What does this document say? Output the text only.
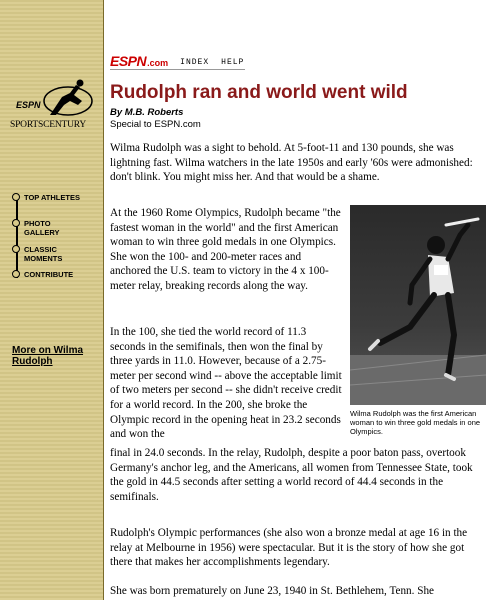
ESPN
SPORTSCENTURY
TOP ATHLETES
PHOTO
GALLERY
CLASSIC
MOMENTS
CONTRIBUTE
More on Wilma Rudolph
ESPN .com INDEX HELP
Rudolph ran and world went wild
By M.B. Roberts
Special to ESPN.com
Wilma Rudolph was a sight to behold. At 5-foot-11 and 130 pounds, she was lightning fast. Wilma watchers in the late 1950s and early '60s were admonished: don't blink. You might miss her. And that would be a shame.
At the 1960 Rome Olympics, Rudolph became "the fastest woman in the world" and the first American woman to win three gold medals in one Olympics. She won the 100- and 200-meter races and anchored the U.S. team to victory in the 4 x 100-meter relay, breaking records along the way.
In the 100, she tied the world record of 11.3 seconds in the semifinals, then won the final by three yards in 11.0. However, because of a 2.75-meter per second wind -- above the acceptable limit of two meters per second -- she didn't receive credit for a world record. In the 200, she broke the Olympic record in the opening heat in 23.2 seconds and won the
final in 24.0 seconds. In the relay, Rudolph, despite a poor baton pass, overtook Germany's anchor leg, and the Americans, all women from Tennessee State, took the gold in 44.5 seconds after setting a world record of 44.4 seconds in the semifinals.
Rudolph's Olympic performances (she also won a bronze medal at age 16 in the relay at Melbourne in 1956) were spectacular. But it is the story of how she got there that makes her accomplishments legendary.
She was born prematurely on June 23, 1940 in St. Bethlehem, Tenn. She
Wilma Rudolph was the first American woman to win three gold medals in one Olympics.
